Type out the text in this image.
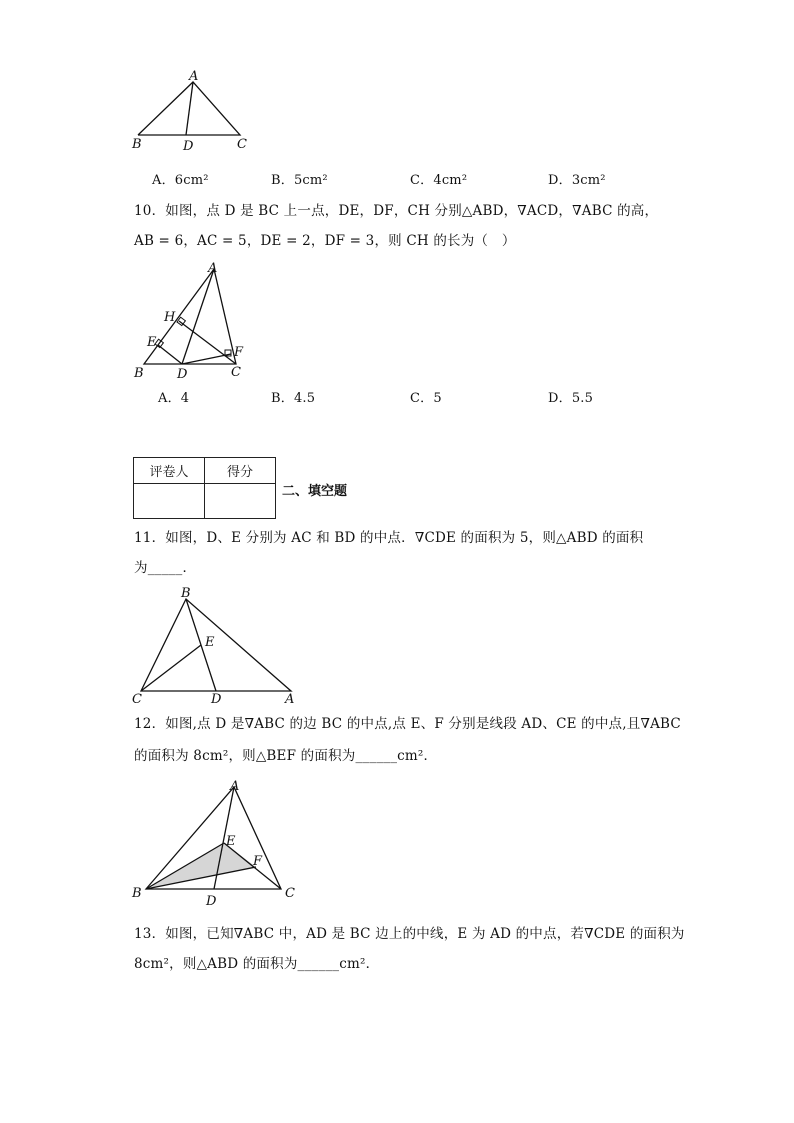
A
B	D	C
A．6cm²	B．5cm²	C．4cm²	D．3cm²
10．如图，点 D 是 BC 上一点，DE，DF，CH 分别△ABD，∇ACD，∇ABC 的高，
AB = 6，AC = 5，DE = 2，DF = 3，则 CH 的长为（　）
A
H
E
F
B	D	C
A．4	B．4.5	C．5	D．5.5
评卷人	得分

二、填空题
11．如图，D、E 分别为 AC 和 BD 的中点．∇CDE 的面积为 5，则△ABD 的面积
为_____．
B
E
C	D	A
12．如图,点 D 是∇ABC 的边 BC 的中点,点 E、F 分别是线段 AD、CE 的中点,且∇ABC
的面积为 8cm²，则△BEF 的面积为______cm²．
A
E
F
B
D
C
13．如图，已知∇ABC 中，AD 是 BC 边上的中线，E 为 AD 的中点，若∇CDE 的面积为
8cm²，则△ABD 的面积为______cm²．
